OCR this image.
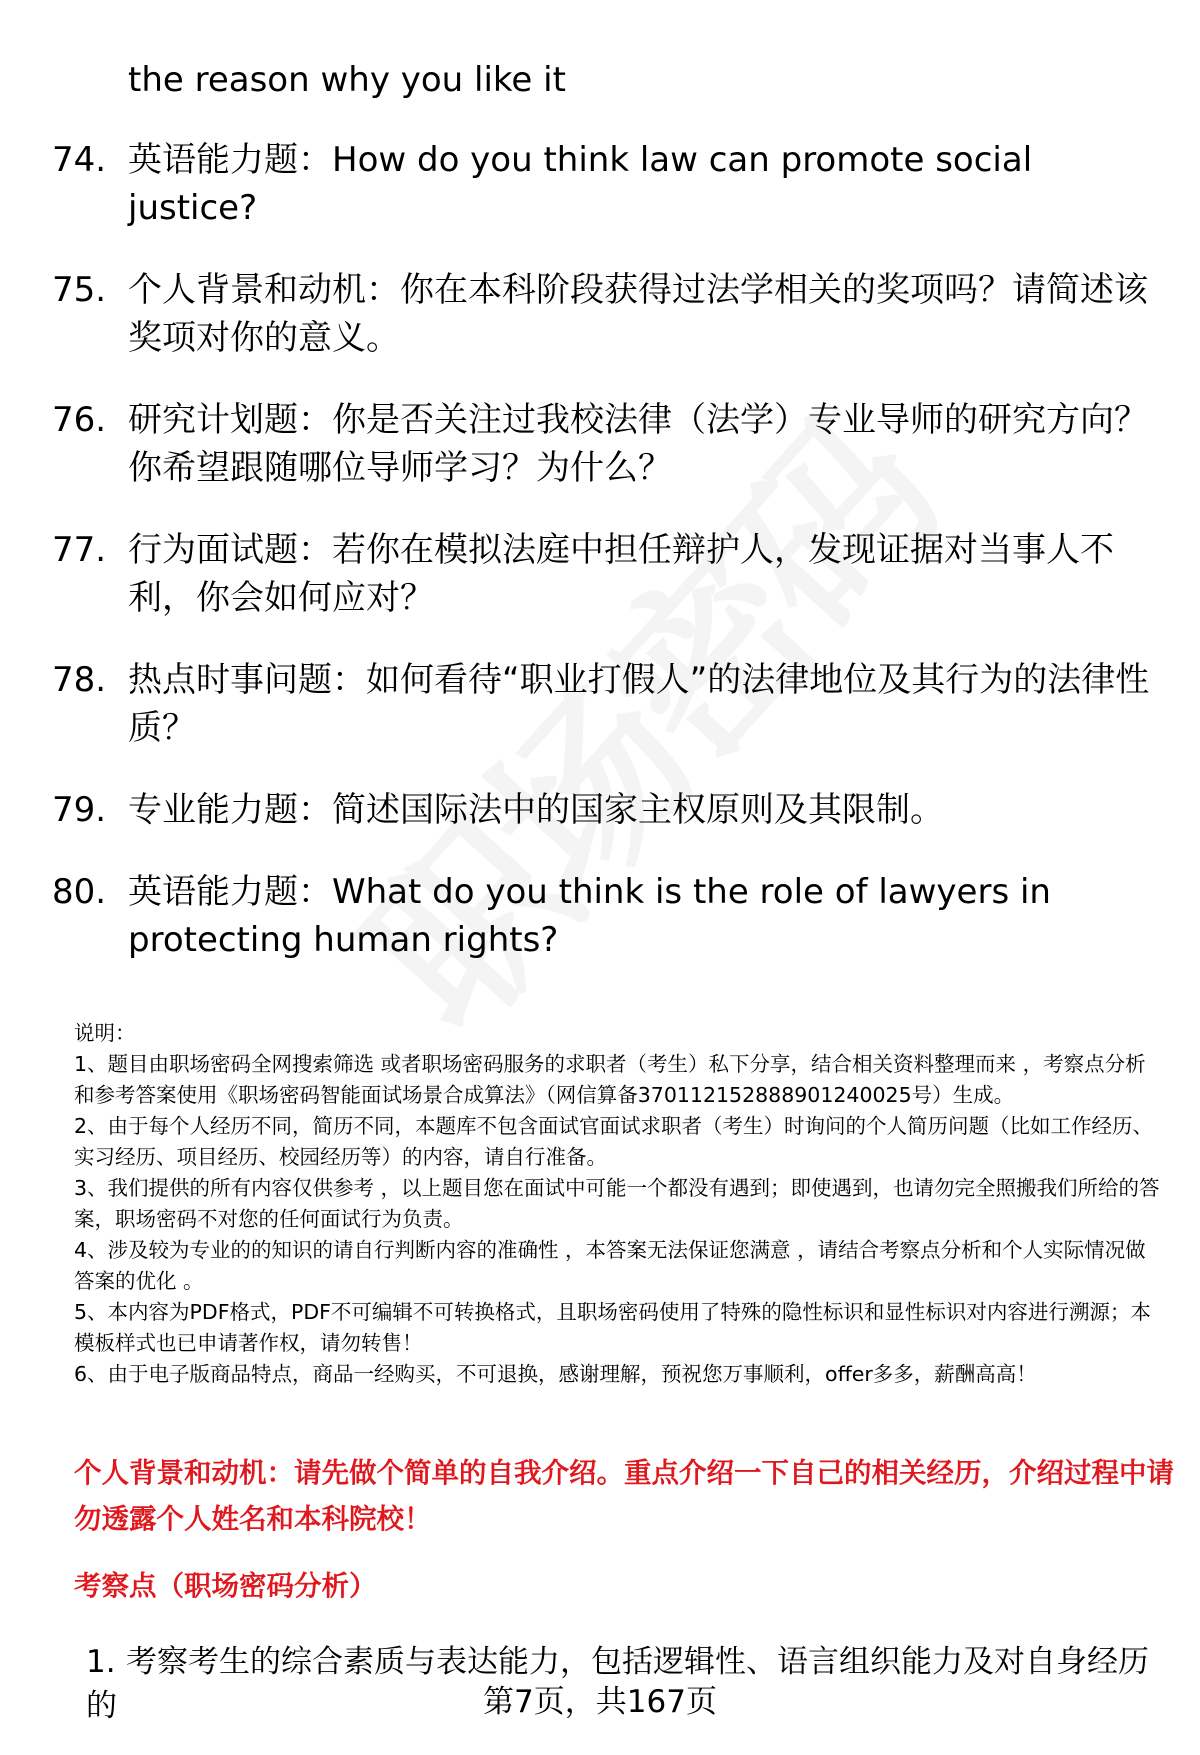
the reason why you like it
74. 英语能力题：How do you think law can promote social justice?
75. 个人背景和动机：你在本科阶段获得过法学相关的奖项吗？请简述该奖项对你的意义。
76. 研究计划题：你是否关注过我校法律（法学）专业导师的研究方向？你希望跟随哪位导师学习？为什么？
77. 行为面试题：若你在模拟法庭中担任辩护人，发现证据对当事人不利，你会如何应对？
78. 热点时事问题：如何看待“职业打假人”的法律地位及其行为的法律性质？
79. 专业能力题：简述国际法中的国家主权原则及其限制。
80. 英语能力题：What do you think is the role of lawyers in protecting human rights?

说明：

1、题目由职场密码全网搜索筛选 或者职场密码服务的求职者（考生）私下分享，结合相关资料整理而来 ，考察点分析和参考答案使用《职场密码智能面试场景合成算法》（网信算备370112152888901240025号）生成。

2、由于每个人经历不同，简历不同，本题库不包含面试官面试求职者（考生）时询问的个人简历问题（比如工作经历、实习经历、项目经历、校园经历等）的内容，请自行准备。

3、我们提供的所有内容仅供参考 ，以上题目您在面试中可能一个都没有遇到；即使遇到，也请勿完全照搬我们所给的答案，职场密码不对您的任何面试行为负责。

4、涉及较为专业的的知识的请自行判断内容的准确性 ，本答案无法保证您满意 ，请结合考察点分析和个人实际情况做答案的优化 。

5、本内容为PDF格式，PDF不可编辑不可转换格式，且职场密码使用了特殊的隐性标识和显性标识对内容进行溯源；本模板样式也已申请著作权，请勿转售！

6、由于电子版商品特点，商品一经购买，不可退换，感谢理解，预祝您万事顺利，offer多多，薪酬高高！

个人背景和动机：请先做个简单的自我介绍。重点介绍一下自己的相关经历，介绍过程中请勿透露个人姓名和本科院校！
考察点（职场密码分析）
1. 考察考生的综合素质与表达能力，包括逻辑性、语言组织能力及对自身经历的	第7页，共167页
